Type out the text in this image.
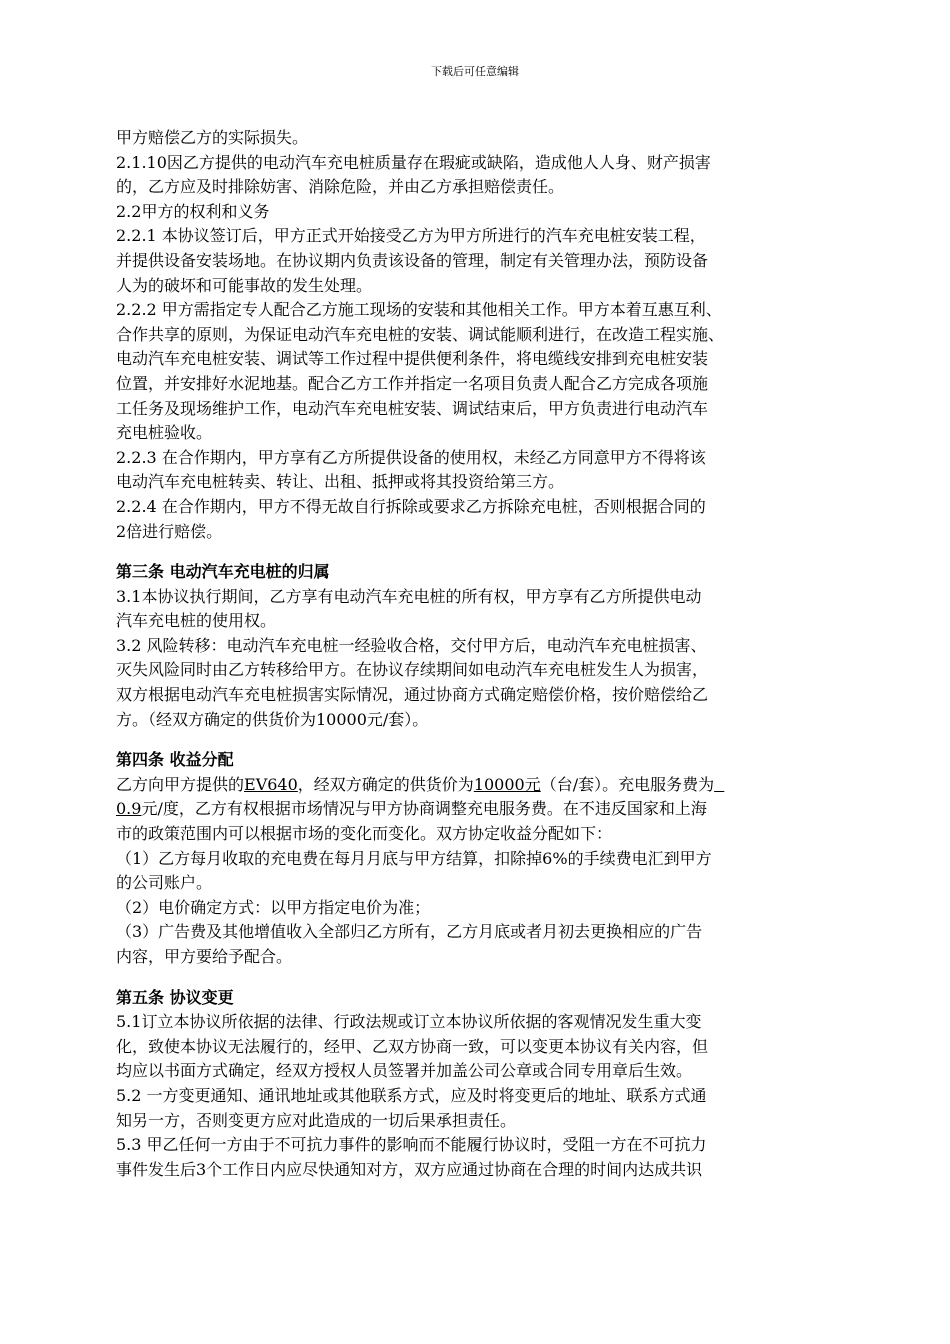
下载后可任意编辑
甲方赔偿乙方的实际损失。
2.1.10因乙方提供的电动汽车充电桩质量存在瑕疵或缺陷，造成他人人身、财产损害
的，乙方应及时排除妨害、消除危险，并由乙方承担赔偿责任。
2.2甲方的权利和义务
2.2.1 本协议签订后，甲方正式开始接受乙方为甲方所进行的汽车充电桩安装工程，
并提供设备安装场地。在协议期内负责该设备的管理，制定有关管理办法，预防设备
人为的破坏和可能事故的发生处理。
2.2.2 甲方需指定专人配合乙方施工现场的安装和其他相关工作。甲方本着互惠互利、
合作共享的原则，为保证电动汽车充电桩的安装、调试能顺利进行，在改造工程实施、
电动汽车充电桩安装、调试等工作过程中提供便利条件，将电缆线安排到充电桩安装
位置，并安排好水泥地基。配合乙方工作并指定一名项目负责人配合乙方完成各项施
工任务及现场维护工作，电动汽车充电桩安装、调试结束后，甲方负责进行电动汽车
充电桩验收。
2.2.3 在合作期内，甲方享有乙方所提供设备的使用权，未经乙方同意甲方不得将该
电动汽车充电桩转卖、转让、出租、抵押或将其投资给第三方。
2.2.4 在合作期内，甲方不得无故自行拆除或要求乙方拆除充电桩，否则根据合同的
2倍进行赔偿。
第三条 电动汽车充电桩的归属
3.1本协议执行期间，乙方享有电动汽车充电桩的所有权，甲方享有乙方所提供电动
汽车充电桩的使用权。
3.2 风险转移：电动汽车充电桩一经验收合格，交付甲方后，电动汽车充电桩损害、
灭失风险同时由乙方转移给甲方。在协议存续期间如电动汽车充电桩发生人为损害，
双方根据电动汽车充电桩损害实际情况，通过协商方式确定赔偿价格，按价赔偿给乙
方。（经双方确定的供货价为10000元/套）。
第四条 收益分配
乙方向甲方提供的EV640，经双方确定的供货价为10000元（台/套）。充电服务费为
0.9元/度，乙方有权根据市场情况与甲方协商调整充电服务费。在不违反国家和上海
市的政策范围内可以根据市场的变化而变化。双方协定收益分配如下：
（1）乙方每月收取的充电费在每月月底与甲方结算，扣除掉6%的手续费电汇到甲方
的公司账户。
（2）电价确定方式：以甲方指定电价为准；
（3）广告费及其他增值收入全部归乙方所有，乙方月底或者月初去更换相应的广告
内容，甲方要给予配合。
第五条 协议变更
5.1订立本协议所依据的法律、行政法规或订立本协议所依据的客观情况发生重大变
化，致使本协议无法履行的，经甲、乙双方协商一致，可以变更本协议有关内容，但
均应以书面方式确定，经双方授权人员签署并加盖公司公章或合同专用章后生效。
5.2 一方变更通知、通讯地址或其他联系方式，应及时将变更后的地址、联系方式通
知另一方，否则变更方应对此造成的一切后果承担责任。
5.3 甲乙任何一方由于不可抗力事件的影响而不能履行协议时，受阻一方在不可抗力
事件发生后3个工作日内应尽快通知对方，双方应通过协商在合理的时间内达成共识
